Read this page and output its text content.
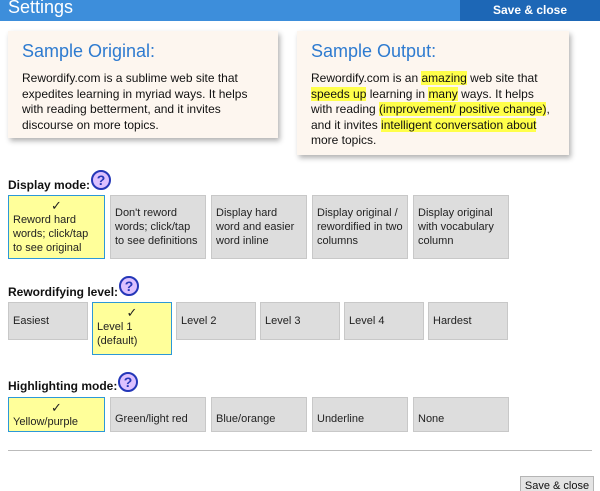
Settings	Save & close
Sample Original:

Rewordify.com is a sublime web site that expedites learning in myriad ways. It helps with reading betterment, and it invites discourse on more topics.

Sample Output:

Rewordify.com is an amazing web site that speeds up learning in many ways. It helps with reading (improvement/ positive change), and it invites intelligent conversation about more topics.

Display mode: ?
✓
Reword hard words; click/tap to see original
Don't reword words; click/tap to see definitions
Display hard word and easier word inline
Display original / rewordified in two columns
Display original with vocabulary column
Rewordifying level: ?
Easiest
✓
Level 1 (default)
Level 2	Level 3	Level 4	Hardest
Highlighting mode: ?
✓
Yellow/purple	Green/light red	Blue/orange	Underline	None
Save & close
